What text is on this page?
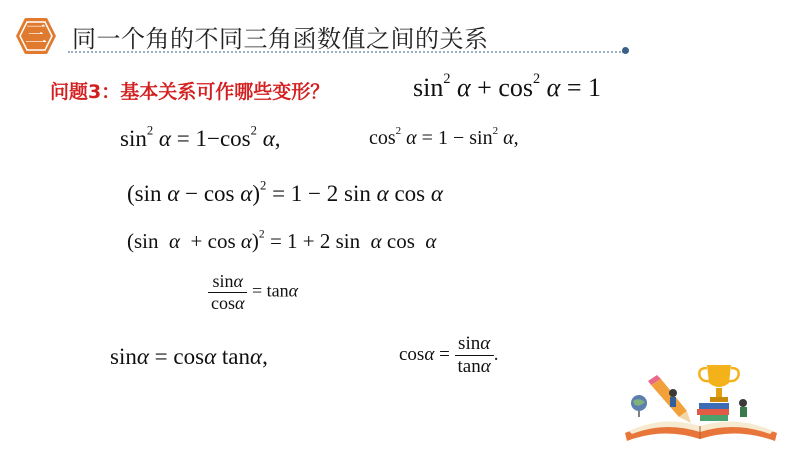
三	同一个角的不同三角函数值之间的关系
问题3：基本关系可作哪些变形？	$\sin^2 \alpha + \cos^2 \alpha = 1$
$\sin^2 \alpha = 1-\cos^2$ α,	$\cos^2 \alpha = 1 - \sin^2 \alpha$,
(sin α − cos α)$^2$ = 1 − 2 sin α cos α
(sin α + cos α)$^2$ = 1 + 2 sin α cos α
$\frac{\sin\alpha}{\cos\alpha} = \tan\alpha$
sinα = cosα tanα,	$\cos\alpha = \frac{\sin\alpha}{\tan\alpha}$ .
